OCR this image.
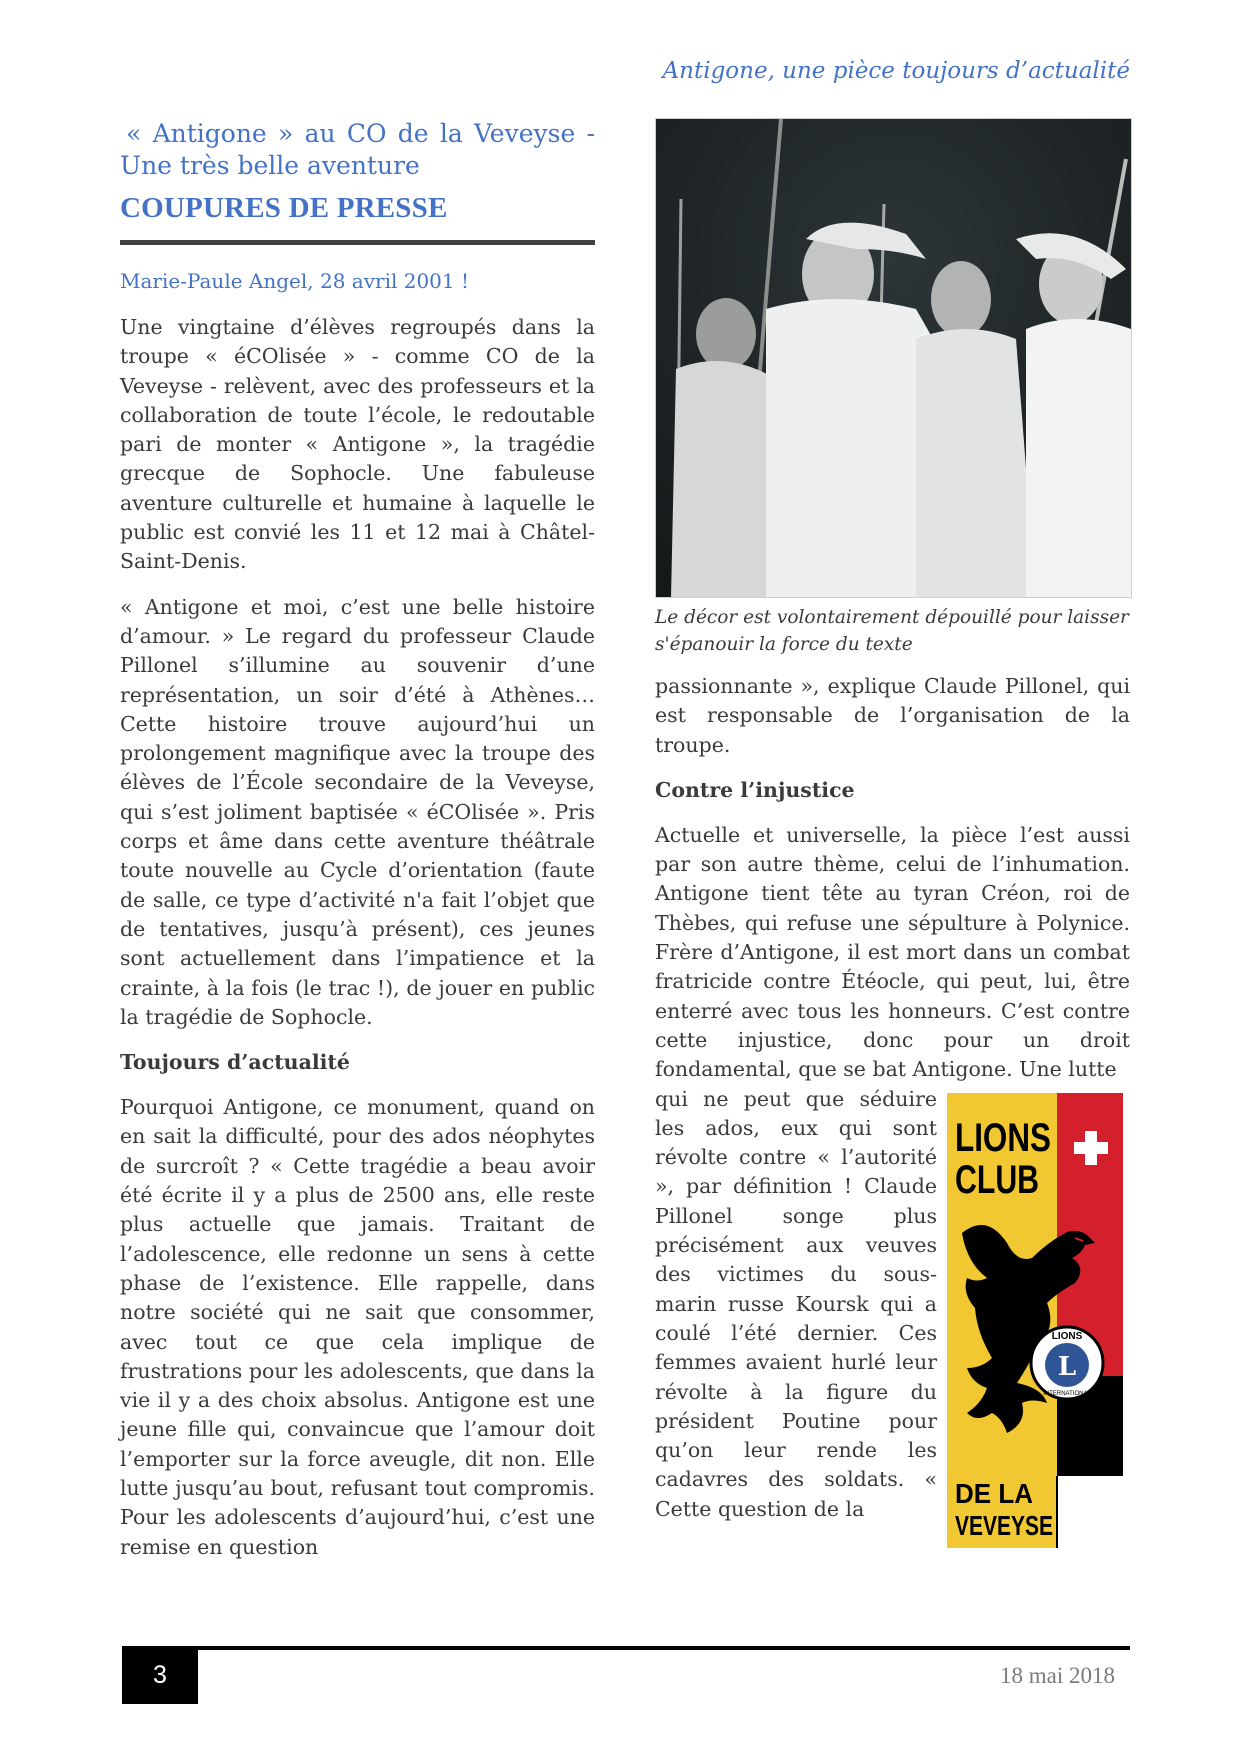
Antigone, une pièce toujours d’actualité
« Antigone » au CO de la Veveyse -
Une très belle aventure
COUPURES DE PRESSE
Marie-Paule Angel, 28 avril 2001 !

Une vingtaine d’élèves regroupés dans la troupe « éCOlisée » - comme CO de la Veveyse - relèvent, avec des professeurs et la collaboration de toute l’école, le redoutable pari de monter « Antigone », la tragédie grecque de Sophocle. Une fabuleuse aventure culturelle et humaine à laquelle le public est convié les 11 et 12 mai à Châtel-Saint-Denis.

« Antigone et moi, c’est une belle histoire d’amour. » Le regard du professeur Claude Pillonel s’illumine au souvenir d’une représentation, un soir d’été à Athènes… Cette histoire trouve aujourd’hui un prolongement magnifique avec la troupe des élèves de l’École secondaire de la Veveyse, qui s’est joliment baptisée « éCOlisée ». Pris corps et âme dans cette aventure théâtrale toute nouvelle au Cycle d’orientation (faute de salle, ce type d’activité n'a fait l’objet que de tentatives, jusqu’à présent), ces jeunes sont actuellement dans l’impatience et la crainte, à la fois (le trac !), de jouer en public la tragédie de Sophocle.

Toujours d’actualité

Pourquoi Antigone, ce monument, quand on en sait la difficulté, pour des ados néophytes de surcroît ? « Cette tragédie a beau avoir été écrite il y a plus de 2500 ans, elle reste plus actuelle que jamais. Traitant de l’adolescence, elle redonne un sens à cette phase de l’existence. Elle rappelle, dans notre société qui ne sait que consommer, avec tout ce que cela implique de frustrations pour les adolescents, que dans la vie il y a des choix absolus. Antigone est une jeune fille qui, convaincue que l’amour doit l’emporter sur la force aveugle, dit non. Elle lutte jusqu’au bout, refusant tout compromis. Pour les adolescents d’aujourd’hui, c’est une remise en question

Le décor est volontairement dépouillé pour laisser s'épanouir la force du texte

passionnante », explique Claude Pillonel, qui est responsable de l’organisation de la troupe.

Contre l’injustice

Actuelle et universelle, la pièce l’est aussi par son autre thème, celui de l’inhumation. Antigone tient tête au tyran Créon, roi de Thèbes, qui refuse une sépulture à Polynice. Frère d’Antigone, il est mort dans un combat fratricide contre Étéocle, qui peut, lui, être enterré avec tous les honneurs. C’est contre cette injustice, donc pour un droit fondamental, que se bat Antigone. Une lutte

qui ne peut que séduire les ados, eux qui sont révolte contre « l’autorité », par définition ! Claude Pillonel songe plus précisément aux veuves des victimes du sous-marin russe Koursk qui a coulé l’été dernier. Ces femmes avaient hurlé leur révolte à la figure du président Poutine pour qu’on leur rende les cadavres des soldats. « Cette question de la

LIONS
CLUB
L
LIONS
INTERNATIONAL
DE LA
VEVEYSE
3	18 mai 2018
